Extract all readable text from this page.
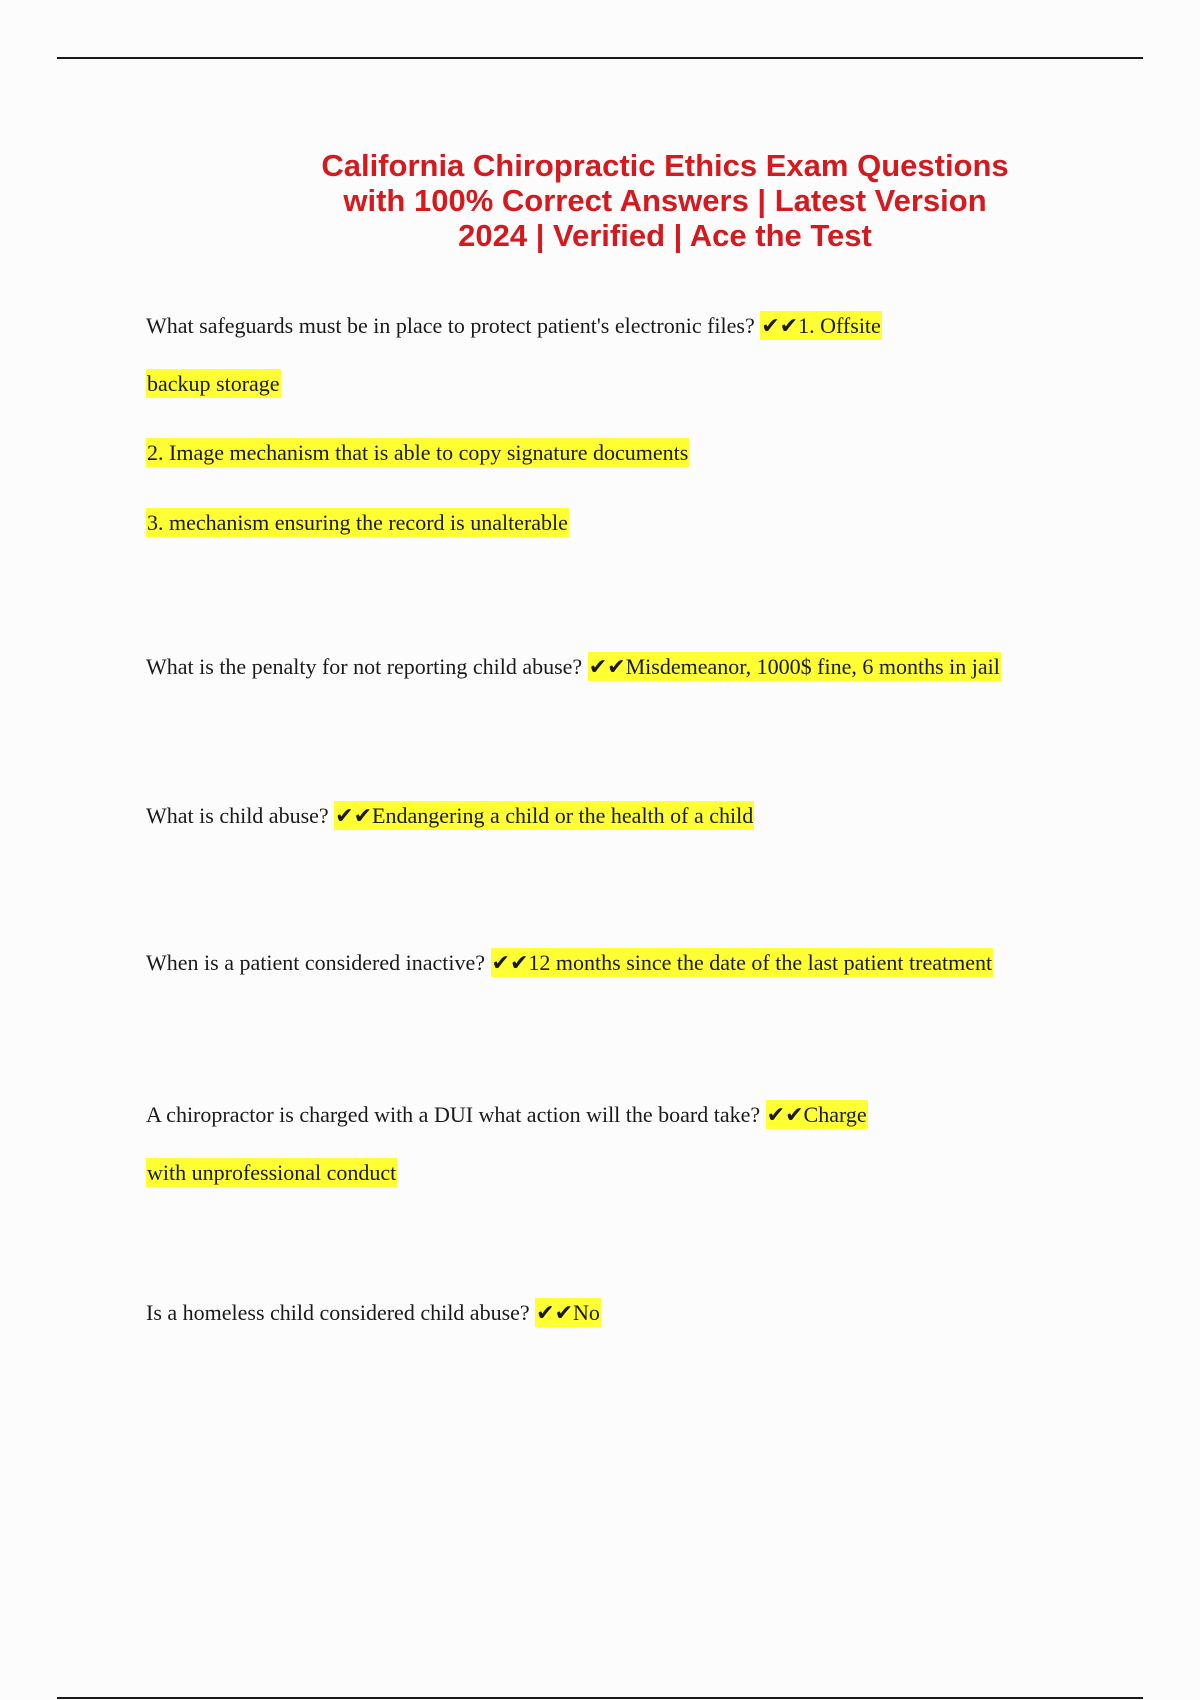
California Chiropractic Ethics Exam Questions
with 100% Correct Answers | Latest Version
2024 | Verified | Ace the Test
What safeguards must be in place to protect patient's electronic files? ✔✔1. Offsite
backup storage
2. Image mechanism that is able to copy signature documents
3. mechanism ensuring the record is unalterable
What is the penalty for not reporting child abuse? ✔✔Misdemeanor, 1000$ fine, 6 months in jail
What is child abuse? ✔✔Endangering a child or the health of a child
When is a patient considered inactive? ✔✔12 months since the date of the last patient treatment
A chiropractor is charged with a DUI what action will the board take? ✔✔Charge
with unprofessional conduct
Is a homeless child considered child abuse? ✔✔No
